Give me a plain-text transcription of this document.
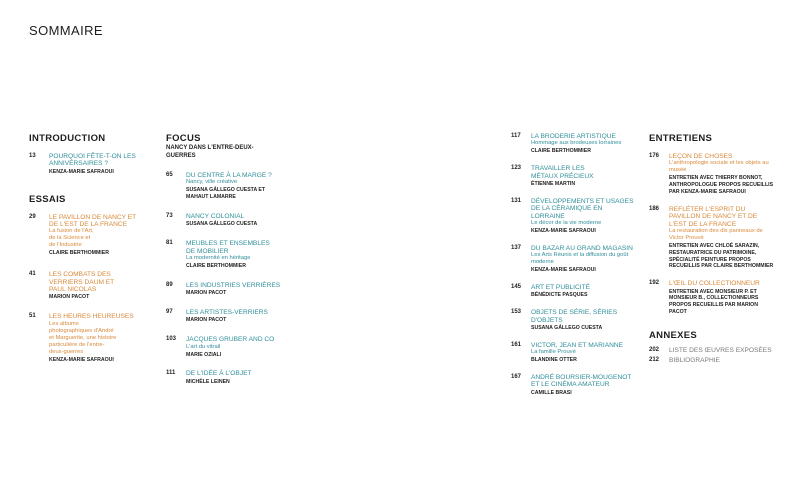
SOMMAIRE
INTRODUCTION
13	POURQUOI FÊTE-T-ON LES ANNIVERSAIRES ?
KENZA-MARIE SAFRAOUI
ESSAIS
29	LE PAVILLON DE NANCY ET DE L'EST DE LA FRANCE
La fusion de l'Art, de la Science et de l'Industrie
CLAIRE BERTHOMMIER
41	LES COMBATS DES VERRIERS DAUM ET PAUL NICOLAS
MARION PACOT
51	LES HEURES HEUREUSES
Les albums photographiques d'André et Marguerite, une histoire particulière de l'entre-deux-guerres
KENZA-MARIE SAFRAOUI
FOCUS
NANCY DANS L'ENTRE-DEUX-GUERRES
65	DU CENTRE À LA MARGE ?
Nancy, ville créative
SUSANA GÁLLEGO CUESTA ET MAHAUT LAMARRE
73	NANCY COLONIAL
SUSANA GÁLLEGO CUESTA
81	MEUBLES ET ENSEMBLES DE MOBILIER
La modernité en héritage
CLAIRE BERTHOMMIER
89	LES INDUSTRIES VERRIÈRES
MARION PACOT
97	LES ARTISTES-VERRIERS
MARION PACOT
103	JACQUES GRUBER AND CO
L'art du vitrail
MARIE OZIALI
111	DE L'IDÉE À L'OBJET
MICHÈLE LEINEN
117	LA BRODERIE ARTISTIQUE
Hommage aux brodeuses lorraines
CLAIRE BERTHOMMIER
123	TRAVAILLER LES MÉTAUX PRÉCIEUX
ÉTIENNE MARTIN
131	DÉVELOPPEMENTS ET USAGES DE LA CÉRAMIQUE EN LORRAINE
Le décor de la vie moderne
KENZA-MARIE SAFRAOUI
137	DU BAZAR AU GRAND MAGASIN
Les Arts Réunis et la diffusion du goût moderne
KENZA-MARIE SAFRAOUI
145	ART ET PUBLICITÉ
BÉNÉDICTE PASQUES
153	OBJETS DE SÉRIE, SÉRIES D'OBJETS
SUSANA GÁLLEGO CUESTA
161	VICTOR, JEAN ET MARIANNE
La famille Prouvé
BLANDINE OTTER
167	ANDRÉ BOURSIER-MOUGENOT ET LE CINÉMA AMATEUR
CAMILLE BRASI
ENTRETIENS
176	LEÇON DE CHOSES
L'anthropologie sociale et les objets au musée
ENTRETIEN AVEC THIERRY BONNOT, ANTHROPOLOGUE PROPOS RECUEILLIS PAR KENZA-MARIE SAFRAOUI
186	REFLÉTER L'ESPRIT DU PAVILLON DE NANCY ET DE L'EST DE LA FRANCE
La restauration des dix panneaux de Victor Prouvé
ENTRETIEN AVEC CHLOÉ SARAZIN, RESTAURATRICE DU PATRIMOINE, SPÉCIALITÉ PEINTURE PROPOS RECUEILLIS PAR CLAIRE BERTHOMMIER
192	L'ŒIL DU COLLECTIONNEUR
ENTRETIEN AVEC MONSIEUR P. ET MONSIEUR B., COLLECTIONNEURS PROPOS RECUEILLIS PAR MARION PACOT
ANNEXES
202	LISTE DES ŒUVRES EXPOSÉES
212	BIBLIOGRAPHIE
